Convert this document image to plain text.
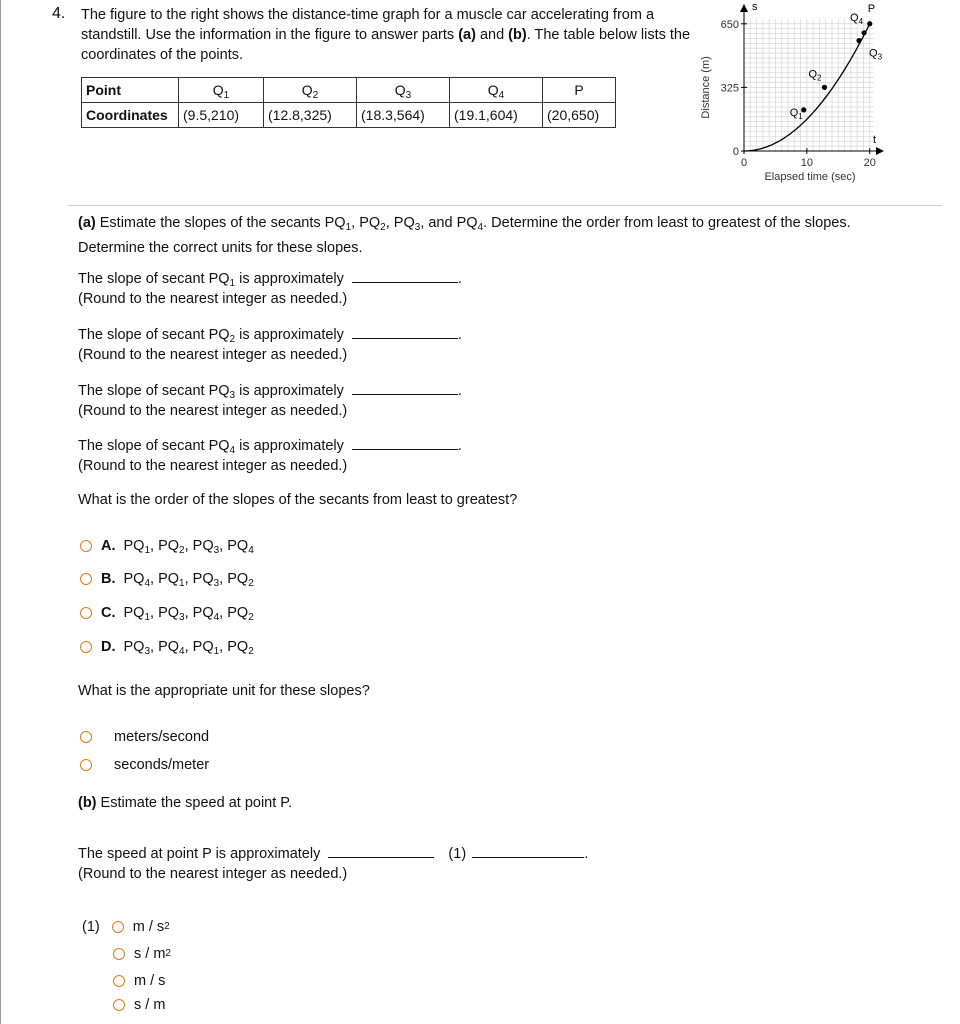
4. The figure to the right shows the distance-time graph for a muscle car accelerating from a standstill. Use the information in the figure to answer parts (a) and (b). The table below lists the coordinates of the points.
Point	$Q_1$	$Q_2$	$Q_3$	$Q_4$	P
Coordinates	(9.5,210)	(12.8,325)	(18.3,564)	(19.1,604)	(20,650)
s
t
0
325
650
0	10	20
Elapsed time (sec)
Distance (m)	$Q_1$
$Q_2$
$Q_3$
$Q_4$
P
(a) Estimate the slopes of the secants $PQ_1$, $PQ_2$, $PQ_3$, and $PQ_4$. Determine the order from least to greatest of the slopes.
Determine the correct units for these slopes.
The slope of secant $PQ_1$ is approximately	.
(Round to the nearest integer as needed.)
The slope of secant $PQ_2$ is approximately	.
(Round to the nearest integer as needed.)
The slope of secant $PQ_3$ is approximately	.
(Round to the nearest integer as needed.)
The slope of secant $PQ_4$ is approximately	.
(Round to the nearest integer as needed.)
What is the order of the slopes of the secants from least to greatest?
A. $PQ_1$, $PQ_2$, $PQ_3$, $PQ_4$
B. $PQ_4$, $PQ_1$, $PQ_3$, $PQ_2$
C. $PQ_1$, $PQ_3$, $PQ_4$, $PQ_2$
D. $PQ_3$, $PQ_4$, $PQ_1$, $PQ_2$
What is the appropriate unit for these slopes?
meters/second
seconds/meter
(b) Estimate the speed at point P.
The speed at point P is approximately	(1)	.
(Round to the nearest integer as needed.)
(1) m / s 2
s / m 2
m / s
s / m
